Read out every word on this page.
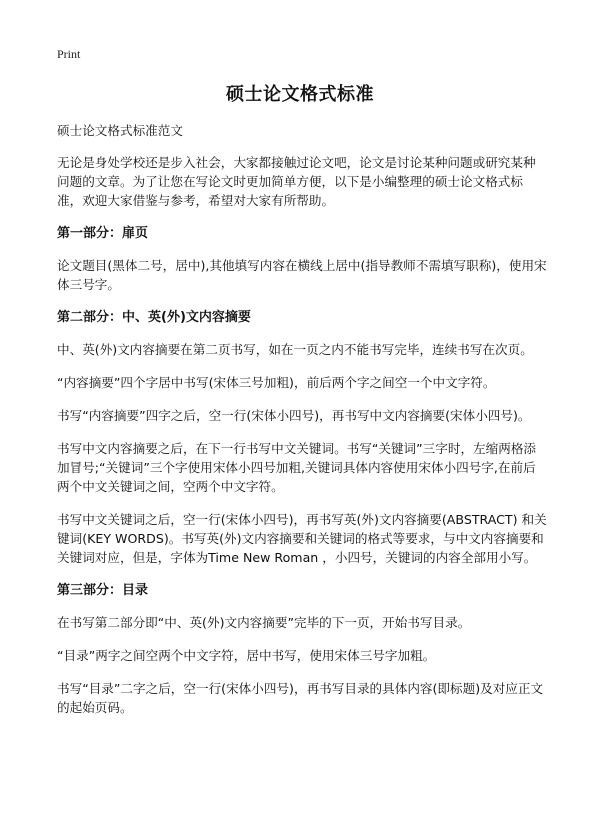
Print
硕士论文格式标准

硕士论文格式标准范文

无论是身处学校还是步入社会，大家都接触过论文吧，论文是讨论某种问题或研究某种问题的文章。为了让您在写论文时更加简单方便，以下是小编整理的硕士论文格式标准，欢迎大家借鉴与参考，希望对大家有所帮助。

第一部分：扉页

论文题目(黑体二号，居中),其他填写内容在横线上居中(指导教师不需填写职称)，使用宋体三号字。

第二部分：中、英(外)文内容摘要

中、英(外)文内容摘要在第二页书写，如在一页之内不能书写完毕，连续书写在次页。

“内容摘要”四个字居中书写(宋体三号加粗)，前后两个字之间空一个中文字符。

书写“内容摘要”四字之后，空一行(宋体小四号)，再书写中文内容摘要(宋体小四号)。

书写中文内容摘要之后，在下一行书写中文关键词。书写“关键词”三字时，左缩两格添加冒号;“关键词”三个字使用宋体小四号加粗,关键词具体内容使用宋体小四号字,在前后两个中文关键词之间，空两个中文字符。

书写中文关键词之后，空一行(宋体小四号)，再书写英(外)文内容摘要(ABSTRACT) 和关键词(KEY WORDS)。书写英(外)文内容摘要和关键词的格式等要求，与中文内容摘要和关键词对应，但是，字体为Time New Roman ，小四号，关键词的内容全部用小写。

第三部分：目录

在书写第二部分即“中、英(外)文内容摘要”完毕的下一页，开始书写目录。

“目录”两字之间空两个中文字符，居中书写，使用宋体三号字加粗。

书写“目录”二字之后，空一行(宋体小四号)，再书写目录的具体内容(即标题)及对应正文的起始页码。
